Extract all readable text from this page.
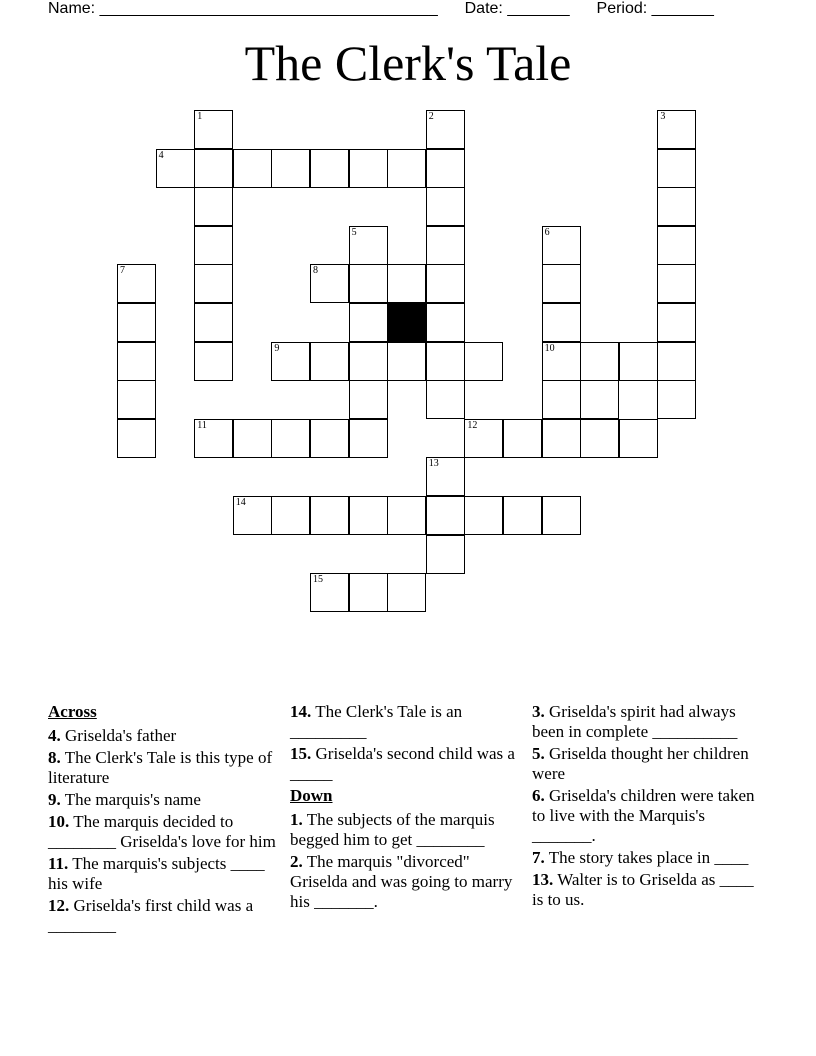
Name: ______________________________________ Date: _______ Period: _______
The Clerk's Tale
1	2	3
4
5	6
7	8
9	10
11	12
13
14
15
Across
4. Griselda's father
8. The Clerk's Tale is this type of literature
9. The marquis's name
10. The marquis decided to ________ Griselda's love for him
11. The marquis's subjects ____ his wife
12. Griselda's first child was a ________
14. The Clerk's Tale is an _________
15. Griselda's second child was a _____
Down
1. The subjects of the marquis begged him to get ________
2. The marquis "divorced" Griselda and was going to marry his _______.
3. Griselda's spirit had always been in complete __________
5. Griselda thought her children were
6. Griselda's children were taken to live with the Marquis's _______.
7. The story takes place in ____
13. Walter is to Griselda as ____ is to us.
